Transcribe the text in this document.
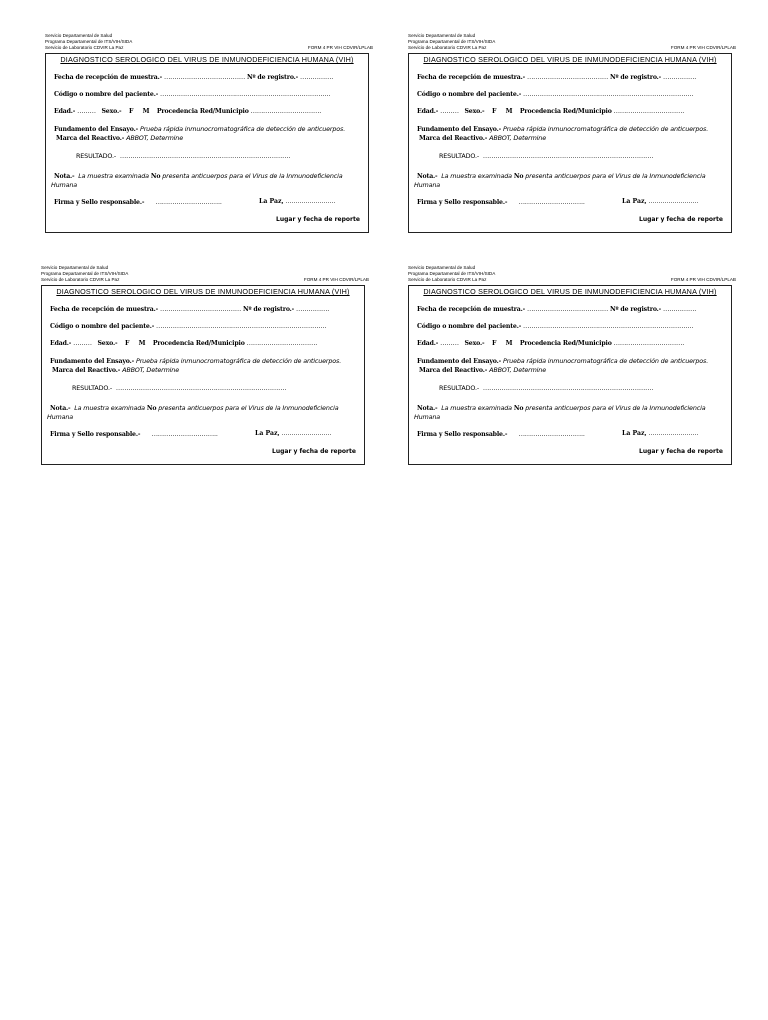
Servicio Departamental de Salud
Programa Departamental de ITS/VIH/SIDA
Servicio de Laboratorio CDVIR La Paz	FORM 4 PR VIH CDVIR/LPLAB
DIAGNOSTICO SEROLOGICO DEL VIRUS DE INMUNODEFICIENCIA HUMANA (VIH)
Fecha de recepción de muestra.- ………………………………… Nº de registro.- …………….
Código o nombre del paciente.- ……………………………………………………………………….
Edad.- ……… Sexo.- F M Procedencia Red/Municipio …………………………….
Fundamento del Ensayo.- Prueba rápida inmunocromatográfica de detección de anticuerpos.
Marca del Reactivo.- ABBOT, Determine
RESULTADO.- ……………………………………………………………………….
Nota.- La muestra examinada No presenta anticuerpos para el Virus de la Inmunodeficiencia
Humana
Firma y Sello responsable.- …………………………..	La Paz, …………………….
Lugar y fecha de reporte
Servicio Departamental de Salud
Programa Departamental de ITS/VIH/SIDA
Servicio de Laboratorio CDVIR La Paz	FORM 4 PR VIH CDVIR/LPLAB
DIAGNOSTICO SEROLOGICO DEL VIRUS DE INMUNODEFICIENCIA HUMANA (VIH)
Fecha de recepción de muestra.- ………………………………… Nº de registro.- …………….
Código o nombre del paciente.- ……………………………………………………………………….
Edad.- ……… Sexo.- F M Procedencia Red/Municipio …………………………….
Fundamento del Ensayo.- Prueba rápida inmunocromatográfica de detección de anticuerpos.
Marca del Reactivo.- ABBOT, Determine
RESULTADO.- ……………………………………………………………………….
Nota.- La muestra examinada No presenta anticuerpos para el Virus de la Inmunodeficiencia
Humana
Firma y Sello responsable.- …………………………..	La Paz, …………………….
Lugar y fecha de reporte
Servicio Departamental de Salud
Programa Departamental de ITS/VIH/SIDA
Servicio de Laboratorio CDVIR La Paz	FORM 4 PR VIH CDVIR/LPLAB
DIAGNOSTICO SEROLOGICO DEL VIRUS DE INMUNODEFICIENCIA HUMANA (VIH)
Fecha de recepción de muestra.- ………………………………… Nº de registro.- …………….
Código o nombre del paciente.- ……………………………………………………………………….
Edad.- ……… Sexo.- F M Procedencia Red/Municipio …………………………….
Fundamento del Ensayo.- Prueba rápida inmunocromatográfica de detección de anticuerpos.
Marca del Reactivo.- ABBOT, Determine
RESULTADO.- ……………………………………………………………………….
Nota.- La muestra examinada No presenta anticuerpos para el Virus de la Inmunodeficiencia
Humana
Firma y Sello responsable.- …………………………..	La Paz, …………………….
Lugar y fecha de reporte
Servicio Departamental de Salud
Programa Departamental de ITS/VIH/SIDA
Servicio de Laboratorio CDVIR La Paz	FORM 4 PR VIH CDVIR/LPLAB
DIAGNOSTICO SEROLOGICO DEL VIRUS DE INMUNODEFICIENCIA HUMANA (VIH)
Fecha de recepción de muestra.- ………………………………… Nº de registro.- …………….
Código o nombre del paciente.- ……………………………………………………………………….
Edad.- ……… Sexo.- F M Procedencia Red/Municipio …………………………….
Fundamento del Ensayo.- Prueba rápida inmunocromatográfica de detección de anticuerpos.
Marca del Reactivo.- ABBOT, Determine
RESULTADO.- ……………………………………………………………………….
Nota.- La muestra examinada No presenta anticuerpos para el Virus de la Inmunodeficiencia
Humana
Firma y Sello responsable.- …………………………..	La Paz, …………………….
Lugar y fecha de reporte
